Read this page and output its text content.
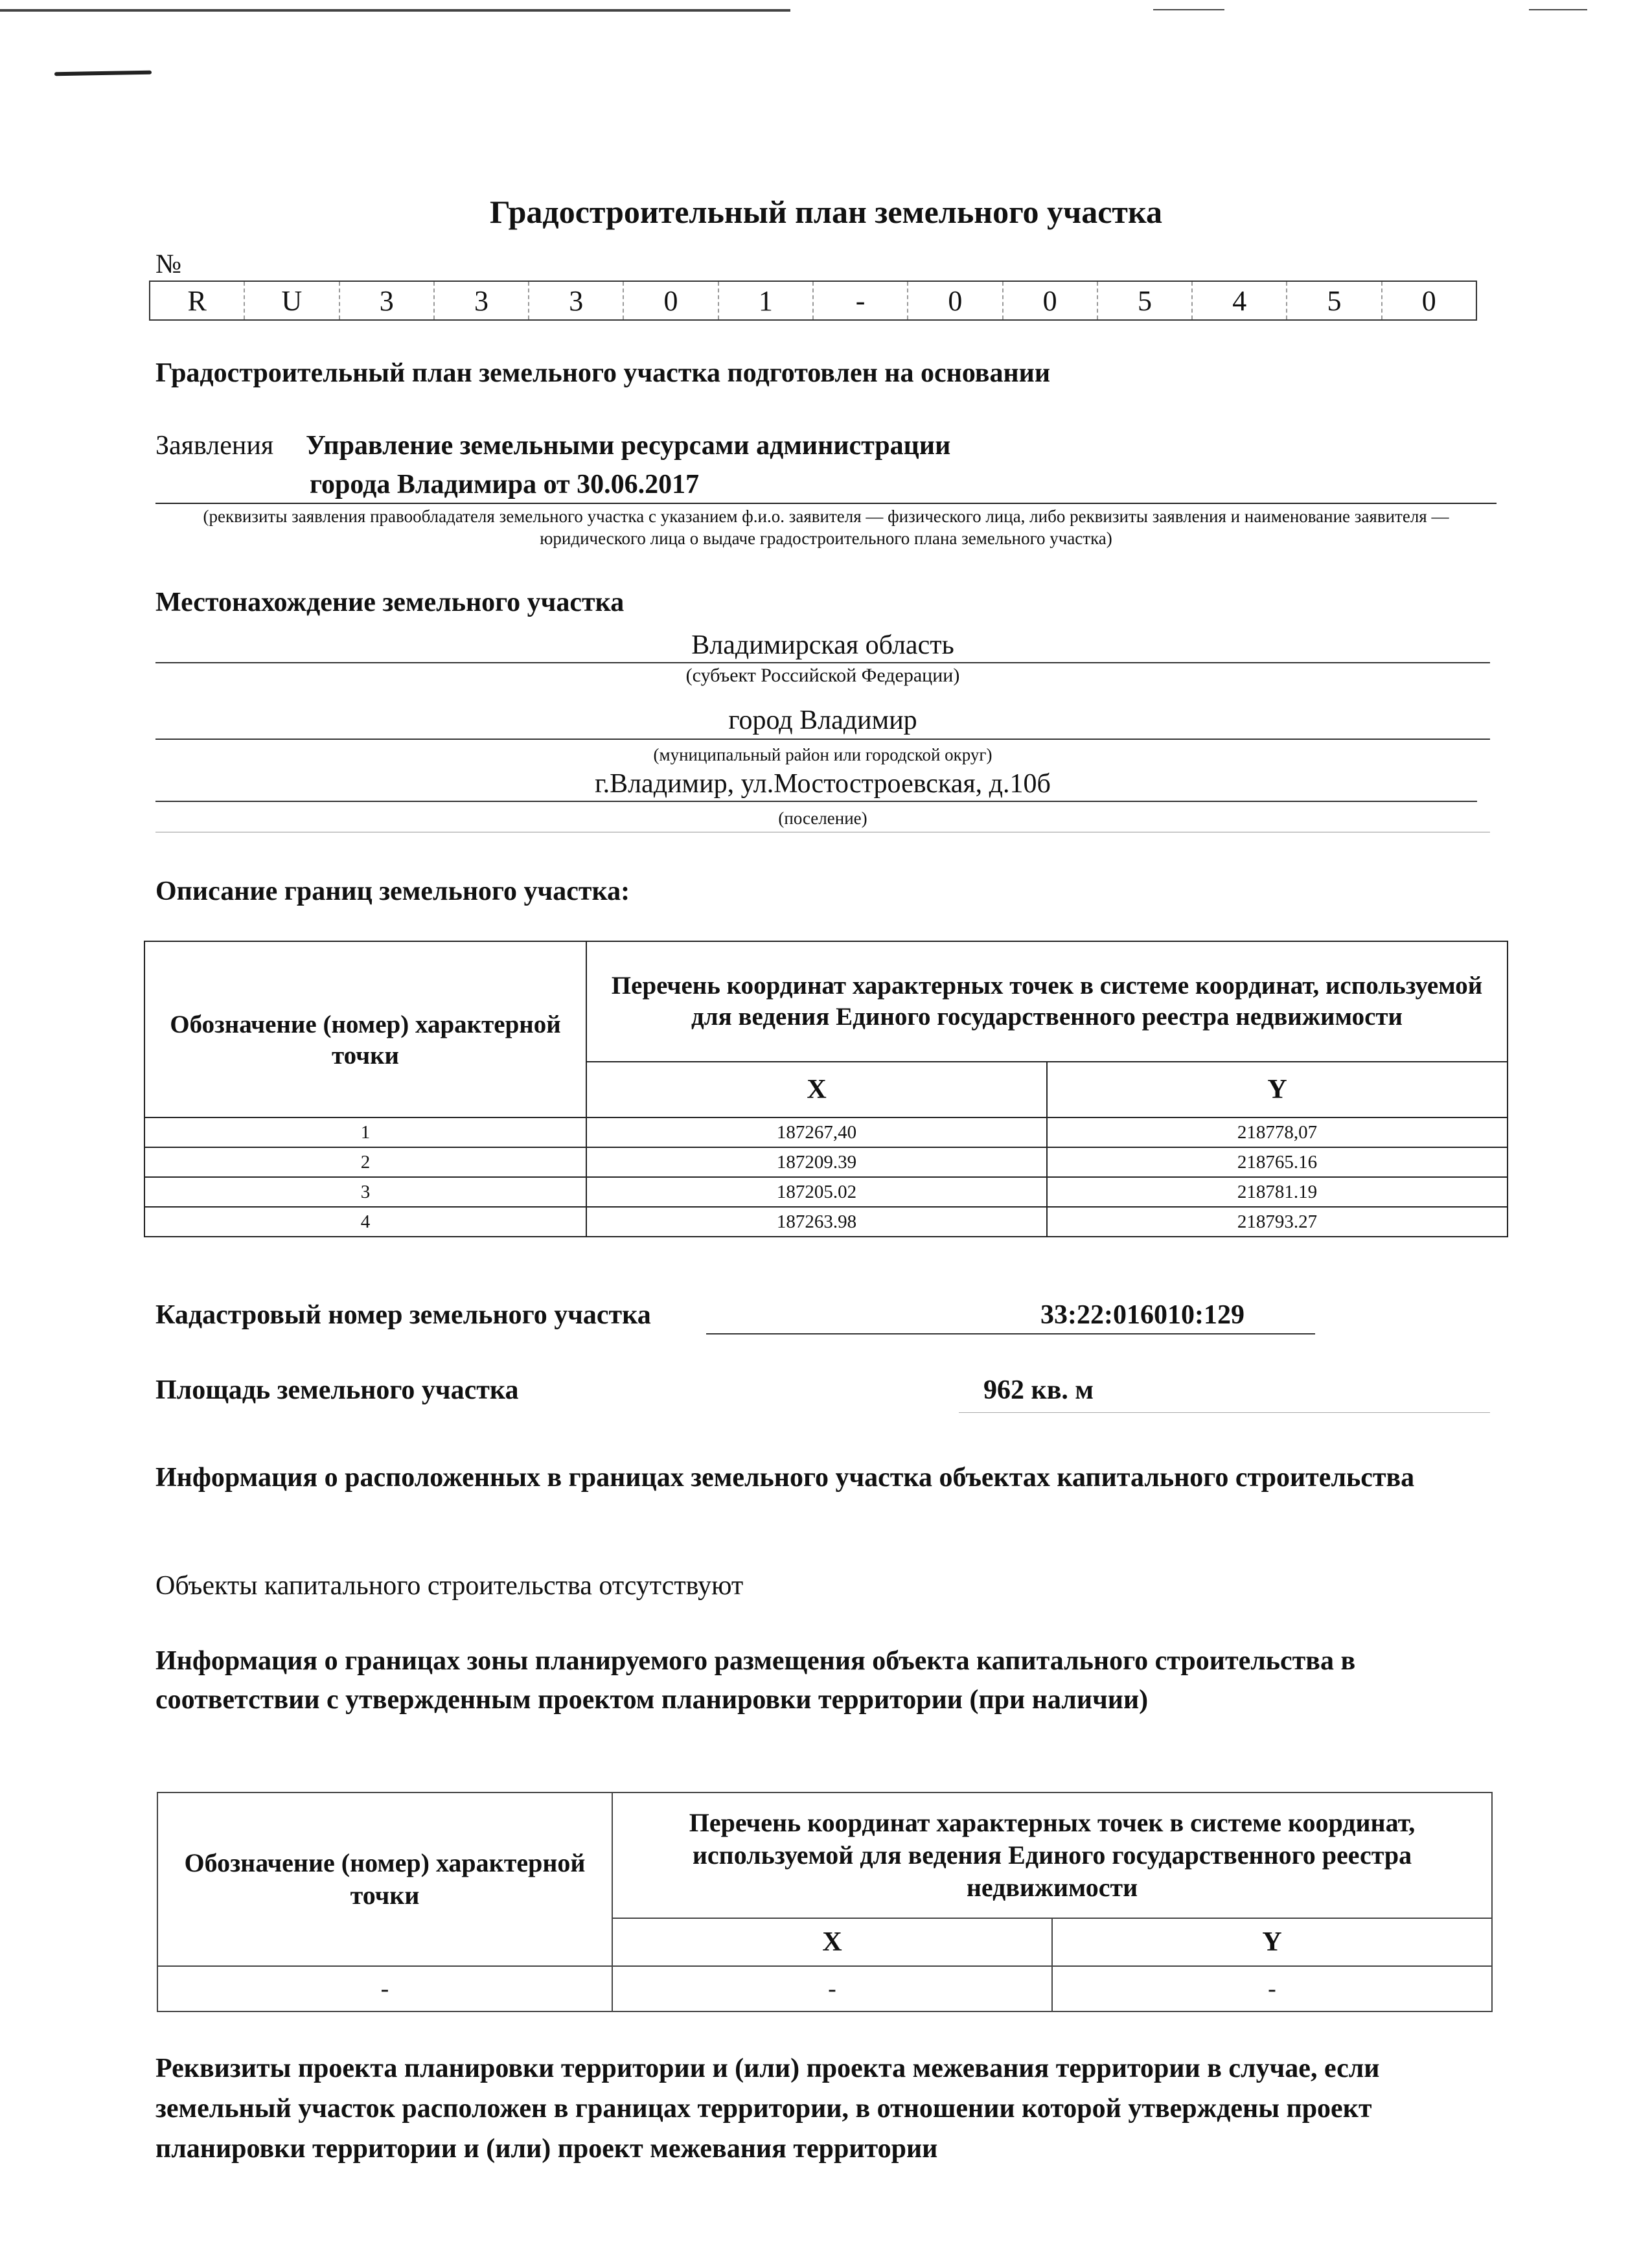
Градостроительный план земельного участка
№
R	U	3	3	3	0	1	-	0	0	5	4	5	0
Градостроительный план земельного участка подготовлен на основании
Заявления Управление земельными ресурсами администрации
города Владимира от 30.06.2017
(реквизиты заявления правообладателя земельного участка с указанием ф.и.о. заявителя — физического лица, либо реквизиты заявления и наименование заявителя — юридического лица о выдаче градостроительного плана земельного участка)
Местонахождение земельного участка
Владимирская область
(субъект Российской Федерации)
город Владимир
(муниципальный район или городской округ)
г.Владимир, ул.Мостостроевская, д.10б
(поселение)
Описание границ земельного участка:
Обозначение (номер) характерной точки	Перечень координат характерных точек в системе координат, используемой для ведения Единого государственного реестра недвижимости	
	X	Y
1	187267,40	218778,07
2	187209.39	218765.16
3	187205.02	218781.19
4	187263.98	218793.27
Кадастровый номер земельного участка	33:22:016010:129
Площадь земельного участка	962 кв. м
Информация о расположенных в границах земельного участка объектах капитального строительства
Объекты капитального строительства отсутствуют
Информация о границах зоны планируемого размещения объекта капитального строительства в соответствии с утвержденным проектом планировки территории (при наличии)
Обозначение (номер) характерной точки	Перечень координат характерных точек в системе координат, используемой для ведения Единого государственного реестра недвижимости	
	X	Y
-	-	-
Реквизиты проекта планировки территории и (или) проекта межевания территории в случае, если земельный участок расположен в границах территории, в отношении которой утверждены проект планировки территории и (или) проект межевания территории
